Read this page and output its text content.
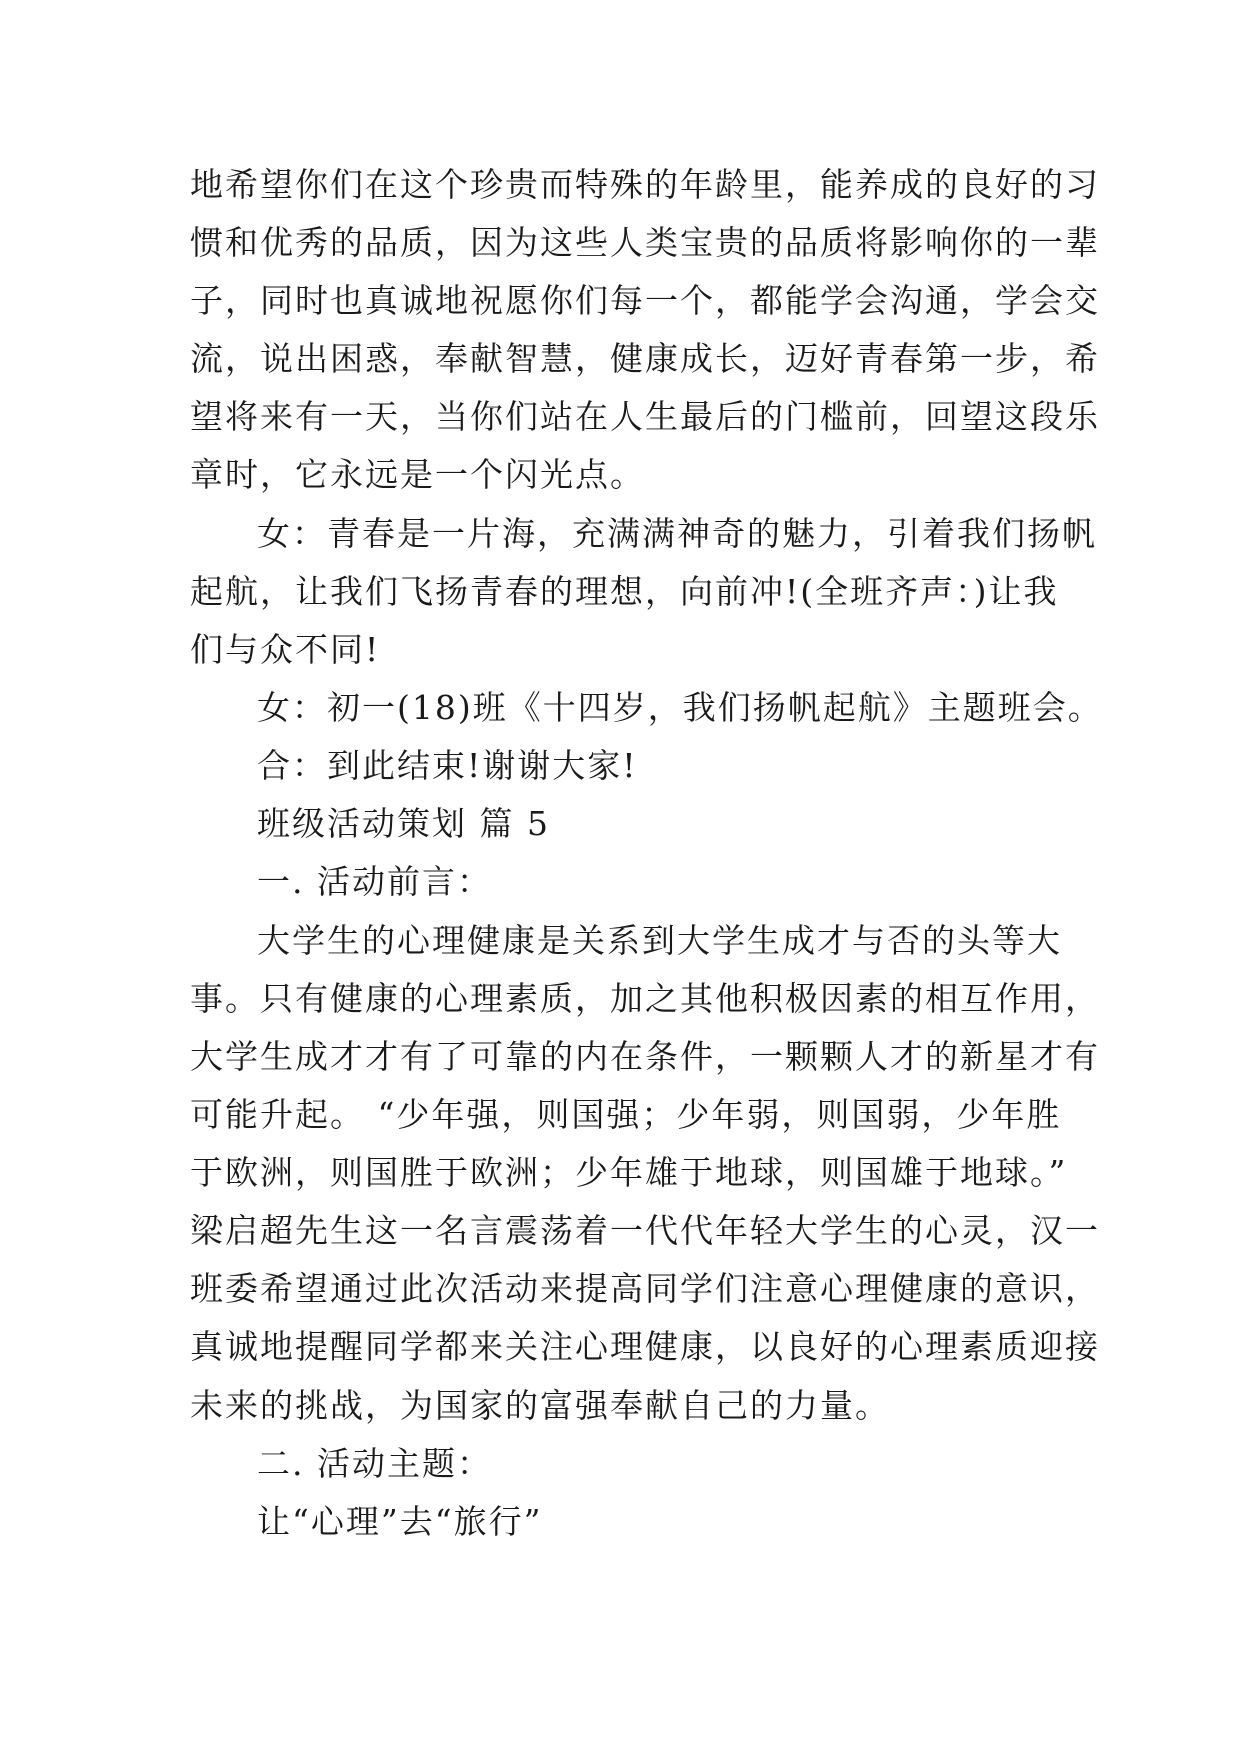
地希望你们在这个珍贵而特殊的年龄里，能养成的良好的习
惯和优秀的品质，因为这些人类宝贵的品质将影响你的一辈
子，同时也真诚地祝愿你们每一个，都能学会沟通，学会交
流，说出困惑，奉献智慧，健康成长，迈好青春第一步，希
望将来有一天，当你们站在人生最后的门槛前，回望这段乐
章时，它永远是一个闪光点。
女：青春是一片海，充满满神奇的魅力，引着我们扬帆
起航，让我们飞扬青春的理想，向前冲!(全班齐声：)让我
们与众不同!
女：初一(18)班《十四岁，我们扬帆起航》主题班会。
合：到此结束!谢谢大家!
班级活动策划 篇 5
一. 活动前言：
大学生的心理健康是关系到大学生成才与否的头等大
事。只有健康的心理素质，加之其他积极因素的相互作用，
大学生成才才有了可靠的内在条件，一颗颗人才的新星才有
可能升起。 “少年强，则国强；少年弱，则国弱，少年胜
于欧洲，则国胜于欧洲；少年雄于地球，则国雄于地球。”
梁启超先生这一名言震荡着一代代年轻大学生的心灵，汉一
班委希望通过此次活动来提高同学们注意心理健康的意识，
真诚地提醒同学都来关注心理健康，以良好的心理素质迎接
未来的挑战，为国家的富强奉献自己的力量。
二. 活动主题：
让“心理”去“旅行”
